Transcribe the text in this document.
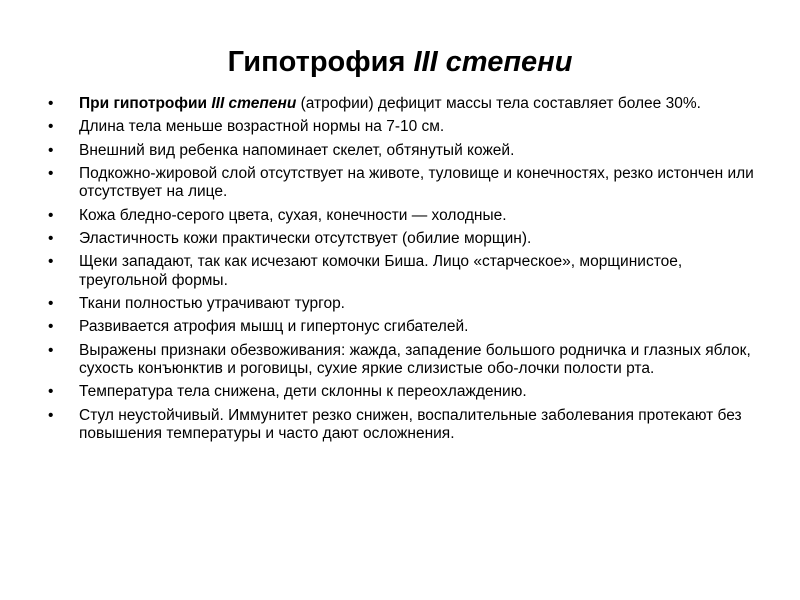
Гипотрофия III степени
•	При гипотрофии III степени (атрофии) дефицит массы тела составляет более 30%.
•	Длина тела меньше возрастной нормы на 7-10 см.
•	Внешний вид ребенка напоминает скелет, обтянутый кожей.
•	Подкожно-жировой слой отсутствует на животе, туловище и конечностях, резко истончен или отсутствует на лице.
•	Кожа бледно-серого цвета, сухая, конечности — холодные.
•	Эластичность кожи практически отсутствует (обилие морщин).
•	Щеки западают, так как исчезают комочки Биша. Лицо «старческое», морщинистое, треугольной формы.
•	Ткани полностью утрачивают тургор.
•	Развивается атрофия мышц и гипертонус сгибателей.
•	Выражены признаки обезвоживания: жажда, западение большого родничка и глазных яблок, сухость конъюнктив и роговицы, сухие яркие слизистые обо-лочки полости рта.
•	Температура тела снижена, дети склонны к переохлаждению.
•	Стул неустойчивый. Иммунитет резко снижен, воспалительные заболевания протекают без повышения температуры и часто дают осложнения.
